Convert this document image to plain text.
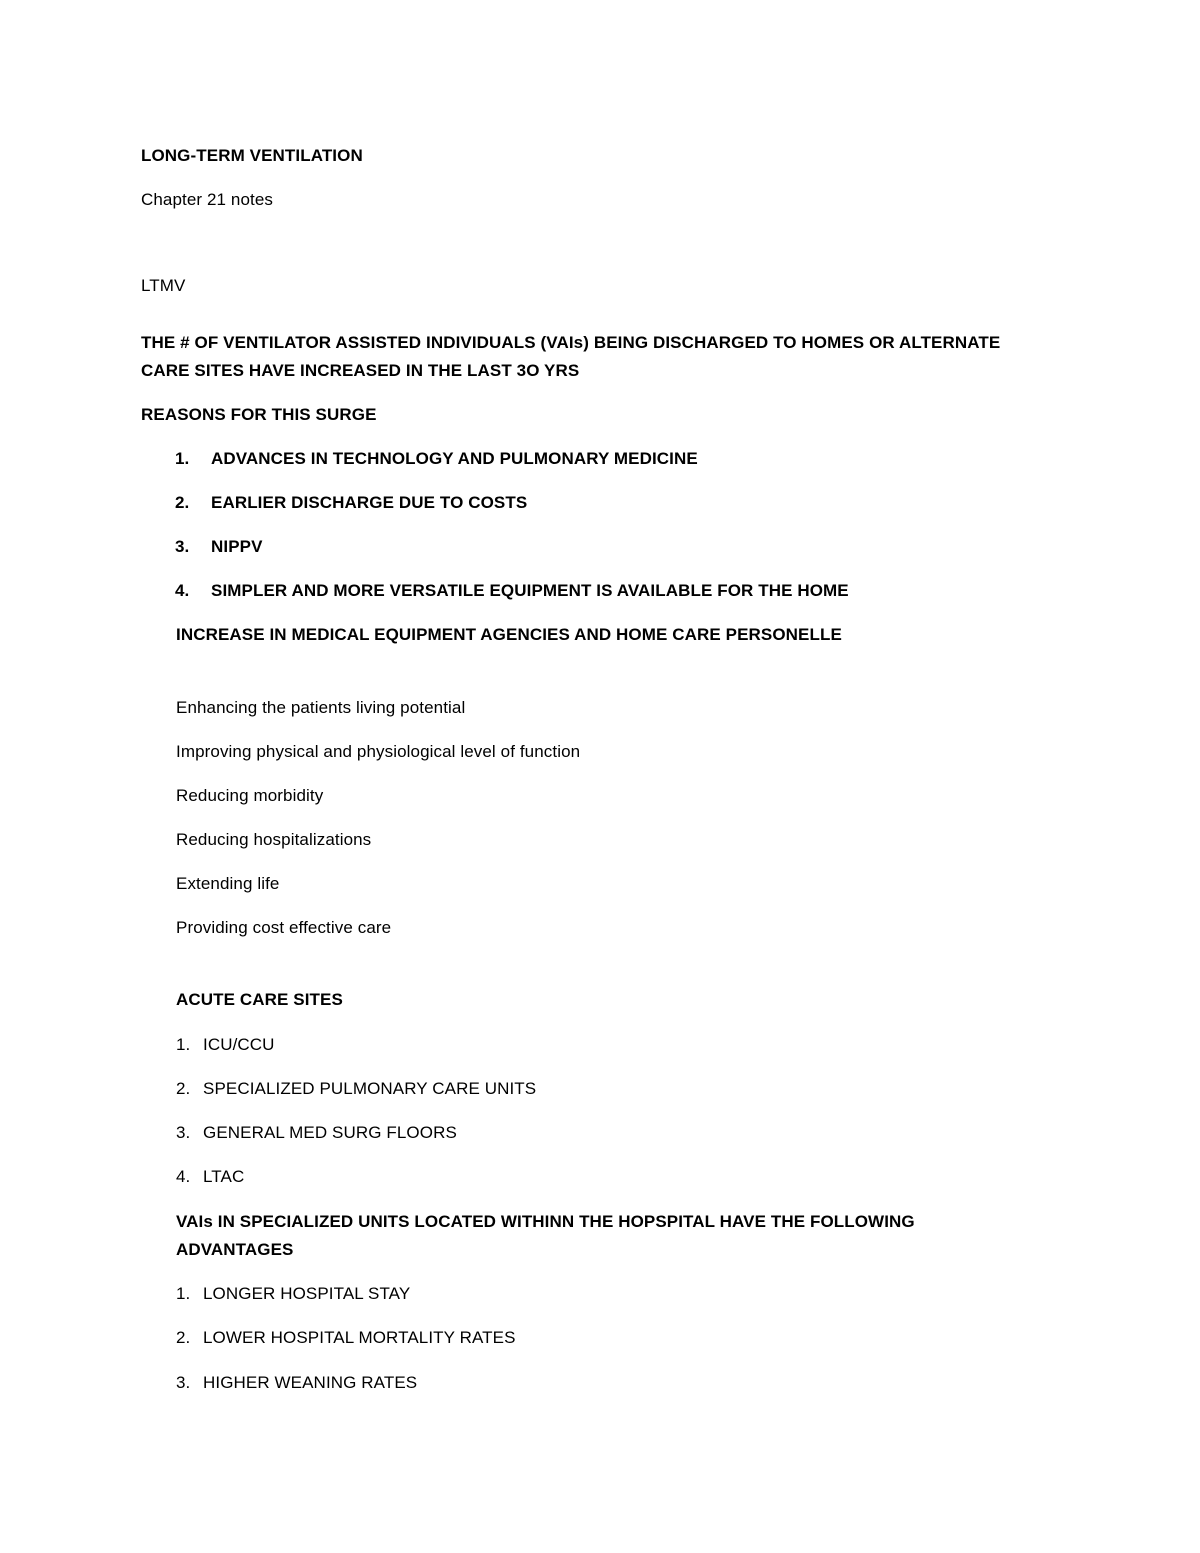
LONG-TERM VENTILATION
Chapter 21 notes
LTMV
THE # OF VENTILATOR ASSISTED INDIVIDUALS (VAIs) BEING DISCHARGED TO HOMES OR ALTERNATE CARE SITES HAVE INCREASED IN THE LAST 3O YRS
REASONS FOR THIS SURGE
1. ADVANCES IN TECHNOLOGY AND PULMONARY MEDICINE
2. EARLIER DISCHARGE DUE TO COSTS
3. NIPPV
4. SIMPLER AND MORE VERSATILE EQUIPMENT IS AVAILABLE FOR THE HOME
INCREASE IN MEDICAL EQUIPMENT AGENCIES AND HOME CARE PERSONELLE
Enhancing the patients living potential
Improving physical and physiological level of function
Reducing morbidity
Reducing hospitalizations
Extending life
Providing cost effective care
ACUTE CARE SITES
1. ICU/CCU
2. SPECIALIZED PULMONARY CARE UNITS
3. GENERAL MED SURG FLOORS
4. LTAC
VAIs IN SPECIALIZED UNITS LOCATED WITHINN THE HOPSPITAL HAVE THE FOLLOWING ADVANTAGES
1. LONGER HOSPITAL STAY
2. LOWER HOSPITAL MORTALITY RATES
3. HIGHER WEANING RATES
